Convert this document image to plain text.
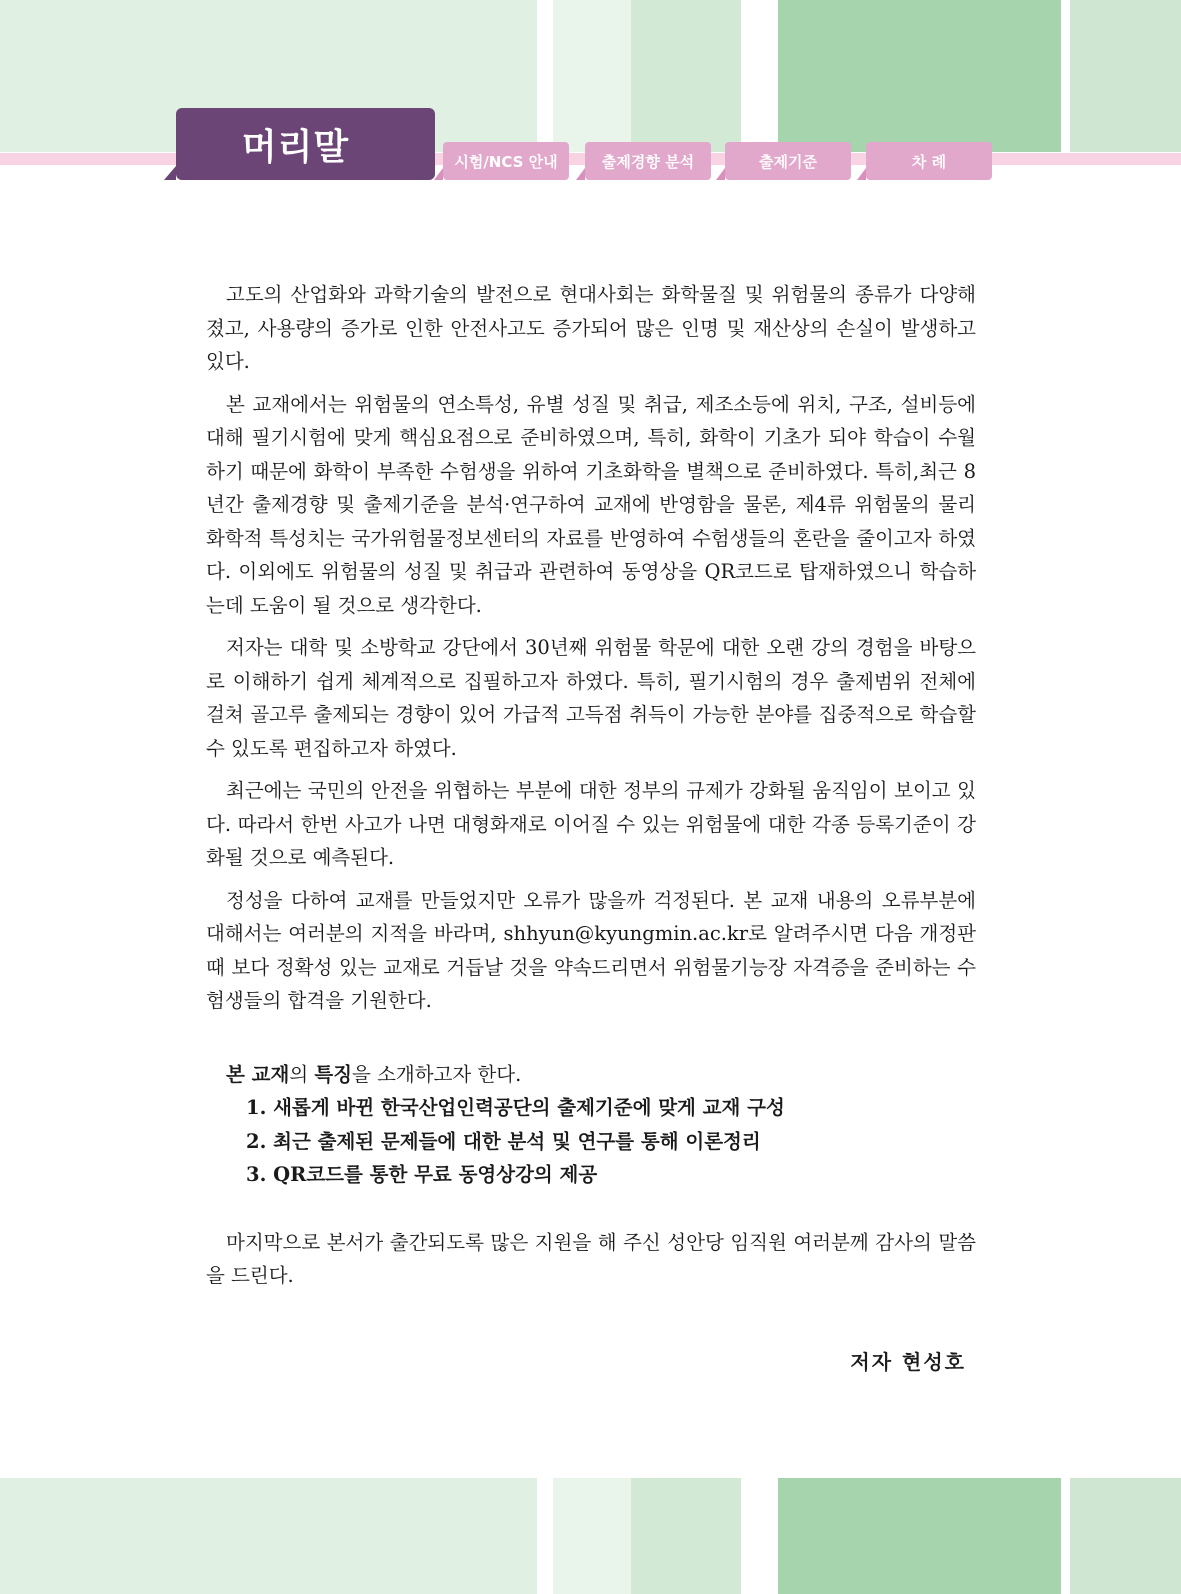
머리말	시험/NCS 안내	출제경향 분석	출제기준	차 례

고도의 산업화와 과학기술의 발전으로 현대사회는 화학물질 및 위험물의 종류가 다양해졌고, 사용량의 증가로 인한 안전사고도 증가되어 많은 인명 및 재산상의 손실이 발생하고 있다.

본 교재에서는 위험물의 연소특성, 유별 성질 및 취급, 제조소등에 위치, 구조, 설비등에 대해 필기시험에 맞게 핵심요점으로 준비하였으며, 특히, 화학이 기초가 되야 학습이 수월하기 때문에 화학이 부족한 수험생을 위하여 기초화학을 별책으로 준비하였다. 특히,최근 8년간 출제경향 및 출제기준을 분석·연구하여 교재에 반영함을 물론, 제4류 위험물의 물리 화학적 특성치는 국가위험물정보센터의 자료를 반영하여 수험생들의 혼란을 줄이고자 하였다. 이외에도 위험물의 성질 및 취급과 관련하여 동영상을 QR코드로 탑재하였으니 학습하는데 도움이 될 것으로 생각한다.

저자는 대학 및 소방학교 강단에서 30년째 위험물 학문에 대한 오랜 강의 경험을 바탕으로 이해하기 쉽게 체계적으로 집필하고자 하였다. 특히, 필기시험의 경우 출제범위 전체에 걸쳐 골고루 출제되는 경향이 있어 가급적 고득점 취득이 가능한 분야를 집중적으로 학습할 수 있도록 편집하고자 하였다.

최근에는 국민의 안전을 위협하는 부분에 대한 정부의 규제가 강화될 움직임이 보이고 있다. 따라서 한번 사고가 나면 대형화재로 이어질 수 있는 위험물에 대한 각종 등록기준이 강화될 것으로 예측된다.

정성을 다하여 교재를 만들었지만 오류가 많을까 걱정된다. 본 교재 내용의 오류부분에 대해서는 여러분의 지적을 바라며, shhyun@kyungmin.ac.kr로 알려주시면 다음 개정판 때 보다 정확성 있는 교재로 거듭날 것을 약속드리면서 위험물기능장 자격증을 준비하는 수험생들의 합격을 기원한다.

본 교재의 특징을 소개하고자 한다.

1. 새롭게 바뀐 한국산업인력공단의 출제기준에 맞게 교재 구성

2. 최근 출제된 문제들에 대한 분석 및 연구를 통해 이론정리

3. QR코드를 통한 무료 동영상강의 제공

마지막으로 본서가 출간되도록 많은 지원을 해 주신 성안당 임직원 여러분께 감사의 말씀을 드린다.

저자 현성호
